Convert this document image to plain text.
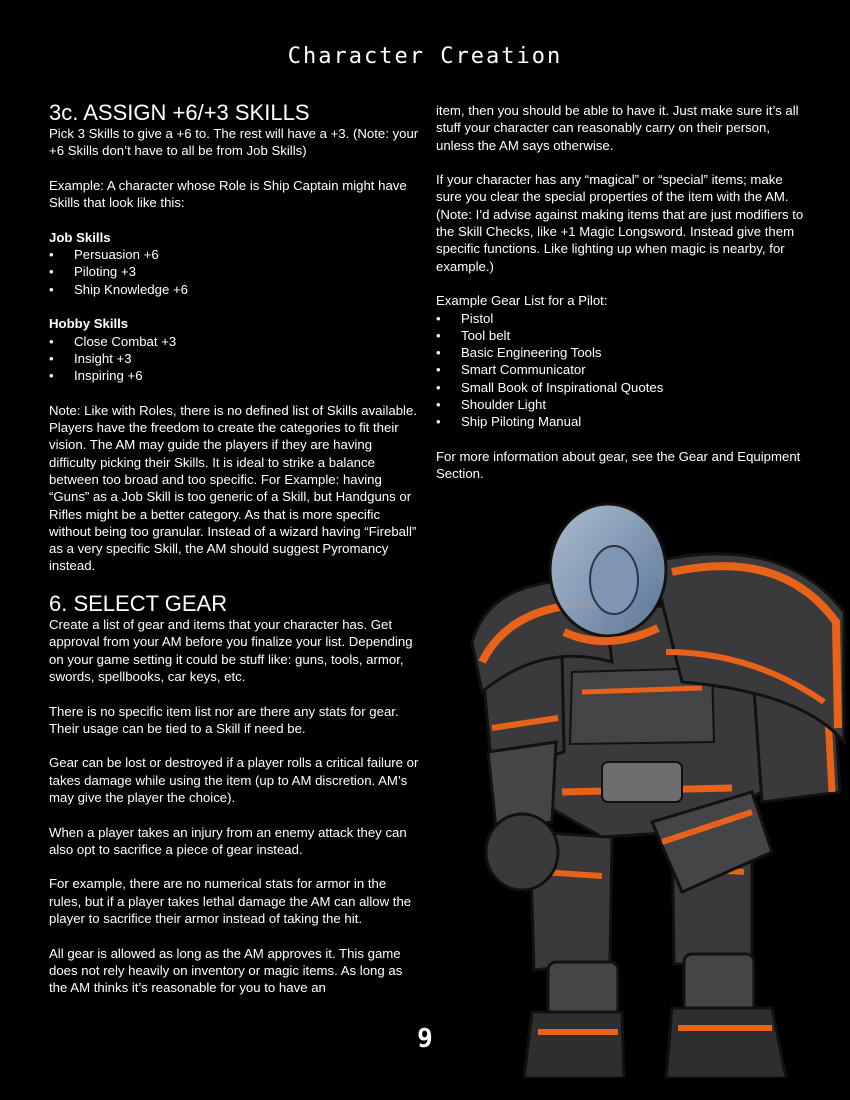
Character Creation
3c. ASSIGN +6/+3 SKILLS

Pick 3 Skills to give a +6 to. The rest will have a +3. (Note: your +6 Skills don’t have to all be from Job Skills)

Example: A character whose Role is Ship Captain might have Skills that look like this:

Job Skills
• Persuasion +6
• Piloting +3
• Ship Knowledge +6
Hobby Skills
• Close Combat +3
• Insight +3
• Inspiring +6

Note: Like with Roles, there is no defined list of Skills available. Players have the freedom to create the categories to fit their vision. The AM may guide the players if they are having difficulty picking their Skills. It is ideal to strike a balance between too broad and too specific. For Example: having “Guns” as a Job Skill is too generic of a Skill, but Handguns or Rifles might be a better category. As that is more specific without being too granular. Instead of a wizard having “Fireball” as a very specific Skill, the AM should suggest Pyromancy instead.

6. SELECT GEAR

Create a list of gear and items that your character has. Get approval from your AM before you finalize your list. Depending on your game setting it could be stuff like: guns, tools, armor, swords, spellbooks, car keys, etc.

There is no specific item list nor are there any stats for gear. Their usage can be tied to a Skill if need be.

Gear can be lost or destroyed if a player rolls a critical failure or takes damage while using the item (up to AM discretion. AM’s may give the player the choice).

When a player takes an injury from an enemy attack they can also opt to sacrifice a piece of gear instead.

For example, there are no numerical stats for armor in the rules, but if a player takes lethal damage the AM can allow the player to sacrifice their armor instead of taking the hit.

All gear is allowed as long as the AM approves it. This game does not rely heavily on inventory or magic items. As long as the AM thinks it’s reasonable for you to have an

item, then you should be able to have it. Just make sure it’s all stuff your character can reasonably carry on their person, unless the AM says otherwise.

If your character has any “magical” or “special” items; make sure you clear the special properties of the item with the AM. (Note: I’d advise against making items that are just modifiers to the Skill Checks, like +1 Magic Longsword. Instead give them specific functions. Like lighting up when magic is nearby, for example.)

Example Gear List for a Pilot:
• Pistol
• Tool belt
• Basic Engineering Tools
• Smart Communicator
• Small Book of Inspirational Quotes
• Shoulder Light
• Ship Piloting Manual

For more information about gear, see the Gear and Equipment Section.

9
